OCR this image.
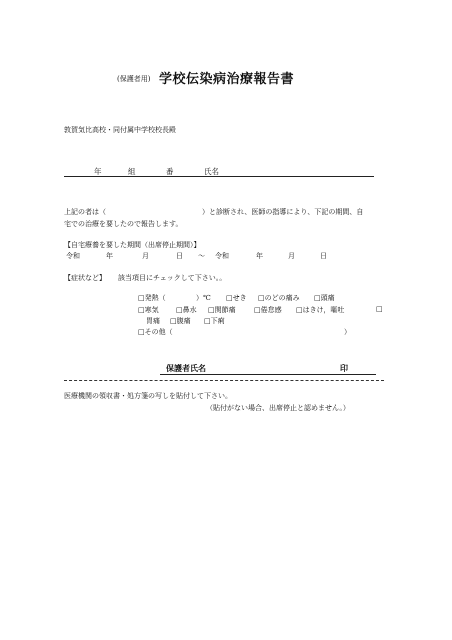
(保護者用) 学校伝染病治療報告書
敦賀気比高校・同付属中学校校長殿
年	組	番	氏名
上記の者は（	）と診断され、医師の指導により、下記の期間、自
宅での治療を要したので報告します。
【自宅療養を要した期間（出席停止期間）】
令和	年	月	日 〜 令和	年	月	日
【症状など】 該当項目にチェックして下さい。。
□発熱（	）℃ □せき □のどの痛み □頭痛
□寒気 □鼻水 □関節痛	□倦怠感 □はきけ，嘔吐	□
胃痛 □腹痛 □下痢
□その他（	）
保護者氏名	印
医療機関の領収書・処方箋の写しを貼付して下さい。
（貼付がない場合、出席停止と認めません。）
